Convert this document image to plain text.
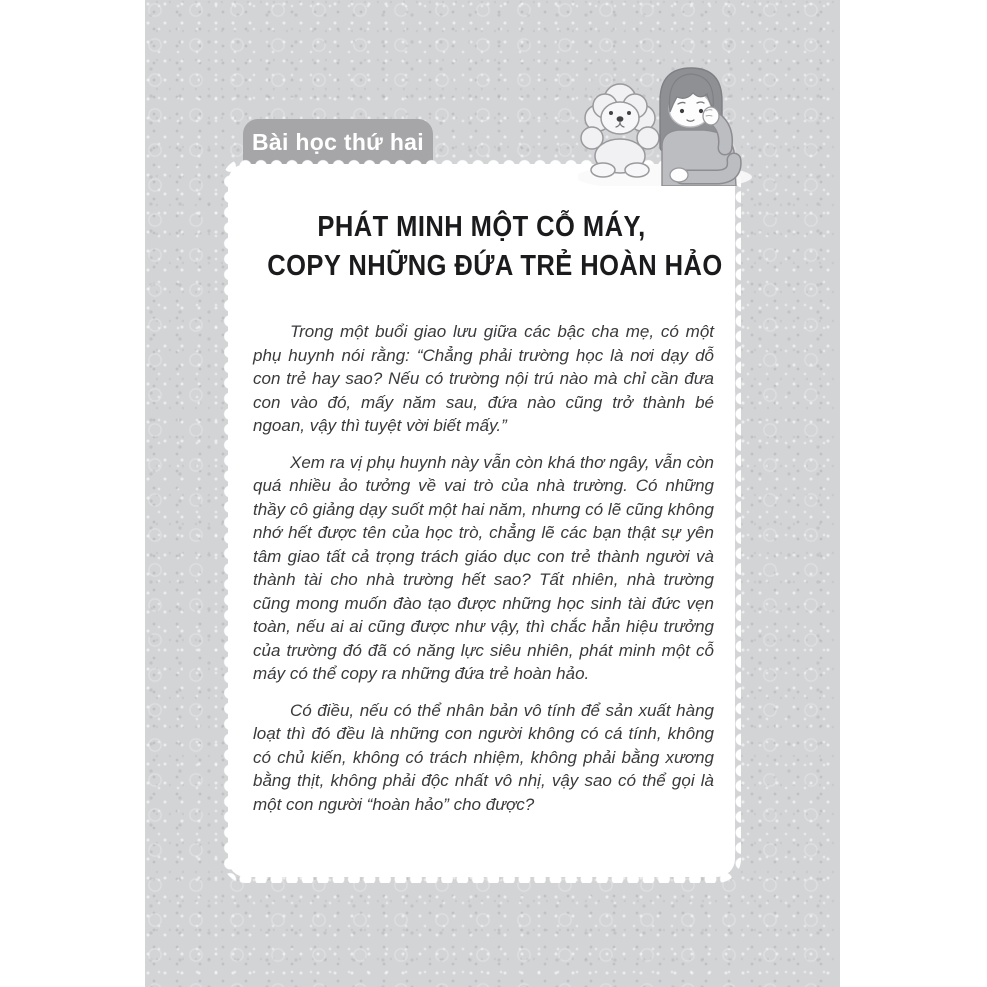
Bài học thứ hai
PHÁT MINH MỘT CỖ MÁY,
COPY NHỮNG ĐỨA TRẺ HOÀN HẢO

Trong một buổi giao lưu giữa các bậc cha mẹ, có một phụ huynh nói rằng: “Chẳng phải trường học là nơi dạy dỗ con trẻ hay sao? Nếu có trường nội trú nào mà chỉ cần đưa con vào đó, mấy năm sau, đứa nào cũng trở thành bé ngoan, vậy thì tuyệt vời biết mấy.”

Xem ra vị phụ huynh này vẫn còn khá thơ ngây, vẫn còn quá nhiều ảo tưởng về vai trò của nhà trường. Có những thầy cô giảng dạy suốt một hai năm, nhưng có lẽ cũng không nhớ hết được tên của học trò, chẳng lẽ các bạn thật sự yên tâm giao tất cả trọng trách giáo dục con trẻ thành người và thành tài cho nhà trường hết sao? Tất nhiên, nhà trường cũng mong muốn đào tạo được những học sinh tài đức vẹn toàn, nếu ai ai cũng được như vậy, thì chắc hẳn hiệu trưởng của trường đó đã có năng lực siêu nhiên, phát minh một cỗ máy có thể copy ra những đứa trẻ hoàn hảo.

Có điều, nếu có thể nhân bản vô tính để sản xuất hàng loạt thì đó đều là những con người không có cá tính, không có chủ kiến, không có trách nhiệm, không phải bằng xương bằng thịt, không phải độc nhất vô nhị, vậy sao có thể gọi là một con người “hoàn hảo” cho được?
